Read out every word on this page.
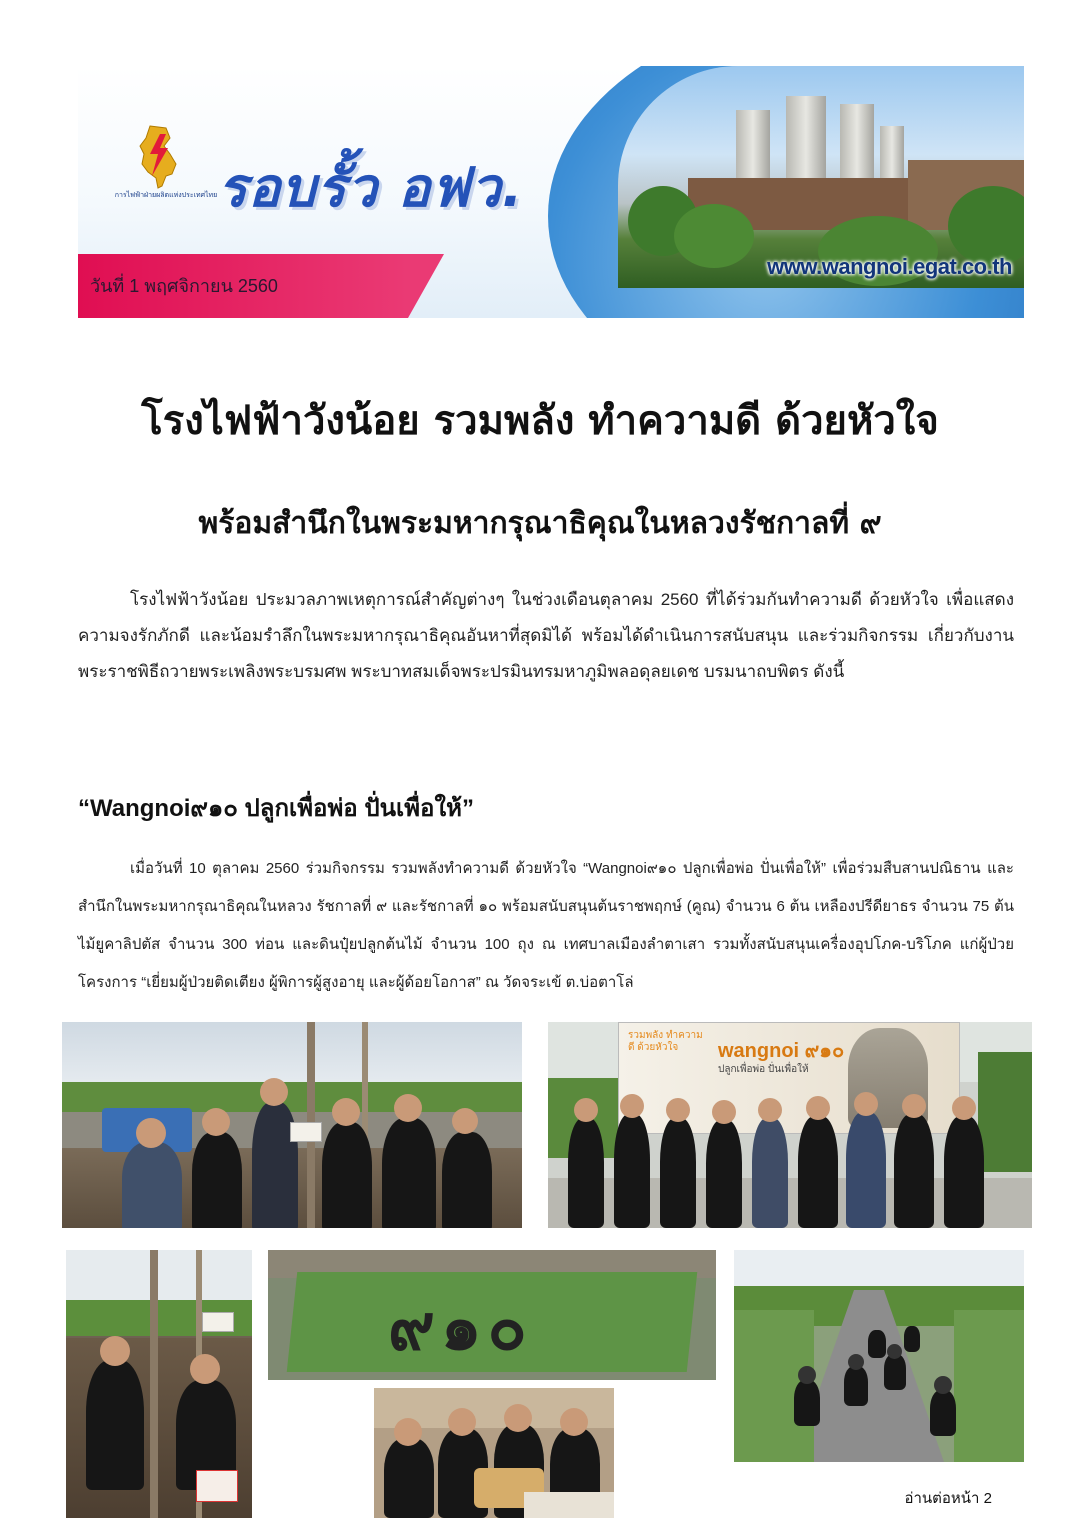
www.wangnoi.egat.co.th
การไฟฟ้าฝ่ายผลิตแห่งประเทศไทย รอบรั้ว อฟว.
วันที่ 1 พฤศจิกายน 2560
โรงไฟฟ้าวังน้อย รวมพลัง ทำความดี ด้วยหัวใจ
พร้อมสำนึกในพระมหากรุณาธิคุณในหลวงรัชกาลที่ ๙

โรงไฟฟ้าวังน้อย ประมวลภาพเหตุการณ์สำคัญต่างๆ ในช่วงเดือนตุลาคม 2560 ที่ได้ร่วมกันทำความดี ด้วยหัวใจ เพื่อแสดงความจงรักภักดี และน้อมรำลึกในพระมหากรุณาธิคุณอันหาที่สุดมิได้ พร้อมได้ดำเนินการสนับสนุน และร่วมกิจกรรม เกี่ยวกับงานพระราชพิธีถวายพระเพลิงพระบรมศพ พระบาทสมเด็จพระปรมินทรมหาภูมิพลอดุลยเดช บรมนาถบพิตร ดังนี้

“Wangnoi๙๑๐ ปลูกเพื่อพ่อ ปั่นเพื่อให้”

เมื่อวันที่ 10 ตุลาคม 2560 ร่วมกิจกรรม รวมพลังทำความดี ด้วยหัวใจ “Wangnoi๙๑๐ ปลูกเพื่อพ่อ ปั่นเพื่อให้” เพื่อร่วมสืบสานปณิธาน และสำนึกในพระมหากรุณาธิคุณในหลวง รัชกาลที่ ๙ และรัชกาลที่ ๑๐ พร้อมสนับสนุนต้นราชพฤกษ์ (คูณ) จำนวน 6 ต้น เหลืองปรีดียาธร จำนวน 75 ต้น ไม้ยูคาลิปตัส จำนวน 300 ท่อน และดินปุ๋ยปลูกต้นไม้ จำนวน 100 ถุง ณ เทศบาลเมืองลำตาเสา รวมทั้งสนับสนุนเครื่องอุปโภค-บริโภค แก่ผู้ป่วยโครงการ “เยี่ยมผู้ป่วยติดเตียง ผู้พิการผู้สูงอายุ และผู้ด้อยโอกาส” ณ วัดจระเข้ ต.บ่อตาโล่

รวมพลัง ทำความดี ด้วยหัวใจ	wangnoi ๙๑๐
ปลูกเพื่อพ่อ ปั่นเพื่อให้
๙๑๐
อ่านต่อหน้า 2
